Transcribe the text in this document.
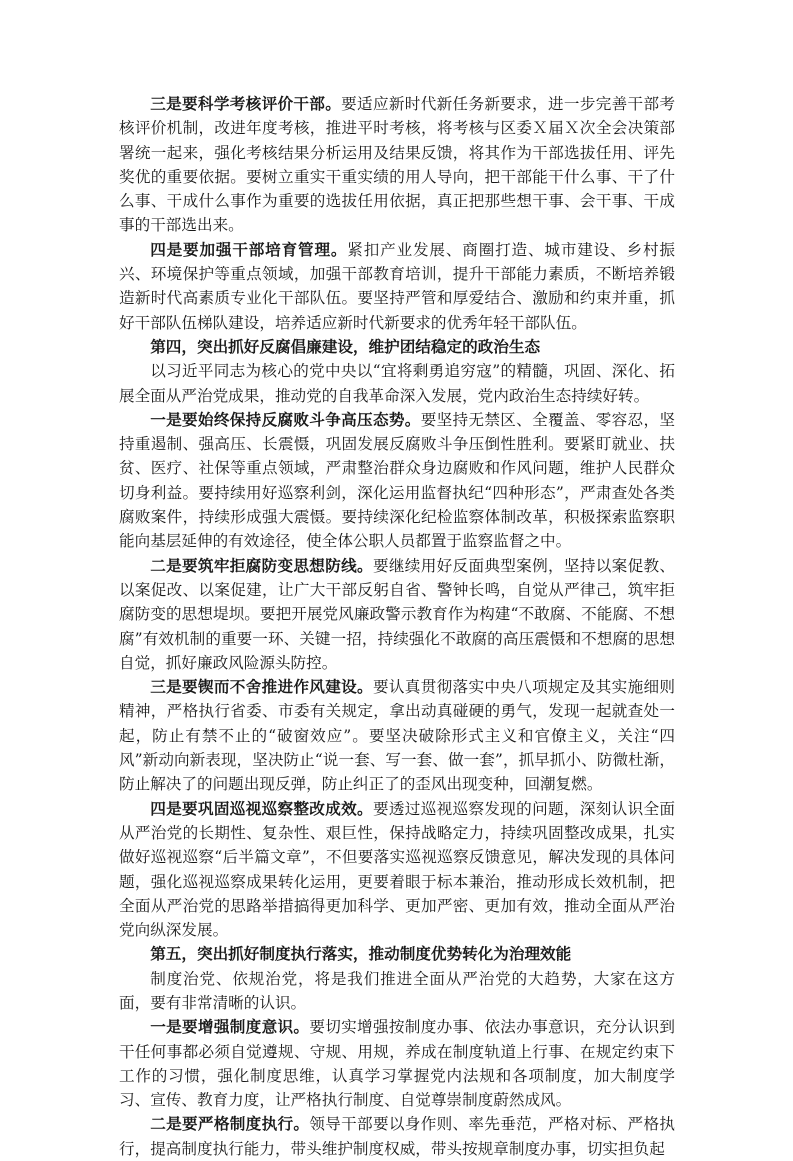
三是要科学考核评价干部。要适应新时代新任务新要求，进一步完善干部考核评价机制，改进年度考核，推进平时考核，将考核与区委Ｘ届Ｘ次全会决策部署统一起来，强化考核结果分析运用及结果反馈，将其作为干部选拔任用、评先奖优的重要依据。要树立重实干重实绩的用人导向，把干部能干什么事、干了什么事、干成什么事作为重要的选拔任用依据，真正把那些想干事、会干事、干成事的干部选出来。

四是要加强干部培育管理。紧扣产业发展、商圈打造、城市建设、乡村振兴、环境保护等重点领域，加强干部教育培训，提升干部能力素质，不断培养锻造新时代高素质专业化干部队伍。要坚持严管和厚爱结合、激励和约束并重，抓好干部队伍梯队建设，培养适应新时代新要求的优秀年轻干部队伍。

第四，突出抓好反腐倡廉建设，维护团结稳定的政治生态

以习近平同志为核心的党中央以“宜将剩勇追穷寇”的精髓，巩固、深化、拓展全面从严治党成果，推动党的自我革命深入发展，党内政治生态持续好转。

一是要始终保持反腐败斗争高压态势。要坚持无禁区、全覆盖、零容忍，坚持重遏制、强高压、长震慑，巩固发展反腐败斗争压倒性胜利。要紧盯就业、扶贫、医疗、社保等重点领域，严肃整治群众身边腐败和作风问题，维护人民群众切身利益。要持续用好巡察利剑，深化运用监督执纪“四种形态”，严肃查处各类腐败案件，持续形成强大震慑。要持续深化纪检监察体制改革，积极探索监察职能向基层延伸的有效途径，使全体公职人员都置于监察监督之中。

二是要筑牢拒腐防变思想防线。要继续用好反面典型案例，坚持以案促教、以案促改、以案促建，让广大干部反躬自省、警钟长鸣，自觉从严律己，筑牢拒腐防变的思想堤坝。要把开展党风廉政警示教育作为构建“不敢腐、不能腐、不想腐”有效机制的重要一环、关键一招，持续强化不敢腐的高压震慑和不想腐的思想自觉，抓好廉政风险源头防控。

三是要锲而不舍推进作风建设。要认真贯彻落实中央八项规定及其实施细则精神，严格执行省委、市委有关规定，拿出动真碰硬的勇气，发现一起就查处一起，防止有禁不止的“破窗效应”。要坚决破除形式主义和官僚主义，关注“四风”新动向新表现，坚决防止“说一套、写一套、做一套”，抓早抓小、防微杜渐，防止解决了的问题出现反弹，防止纠正了的歪风出现变种，回潮复燃。

四是要巩固巡视巡察整改成效。要透过巡视巡察发现的问题，深刻认识全面从严治党的长期性、复杂性、艰巨性，保持战略定力，持续巩固整改成果，扎实做好巡视巡察“后半篇文章”，不但要落实巡视巡察反馈意见，解决发现的具体问题，强化巡视巡察成果转化运用，更要着眼于标本兼治，推动形成长效机制，把全面从严治党的思路举措搞得更加科学、更加严密、更加有效，推动全面从严治党向纵深发展。

第五，突出抓好制度执行落实，推动制度优势转化为治理效能

制度治党、依规治党，将是我们推进全面从严治党的大趋势，大家在这方面，要有非常清晰的认识。

一是要增强制度意识。要切实增强按制度办事、依法办事意识，充分认识到干任何事都必须自觉遵规、守规、用规，养成在制度轨道上行事、在规定约束下工作的习惯，强化制度思维，认真学习掌握党内法规和各项制度，加大制度学习、宣传、教育力度，让严格执行制度、自觉尊崇制度蔚然成风。

二是要严格制度执行。领导干部要以身作则、率先垂范，严格对标、严格执行，提高制度执行能力，带头维护制度权威，带头按规章制度办事，切实担负起
